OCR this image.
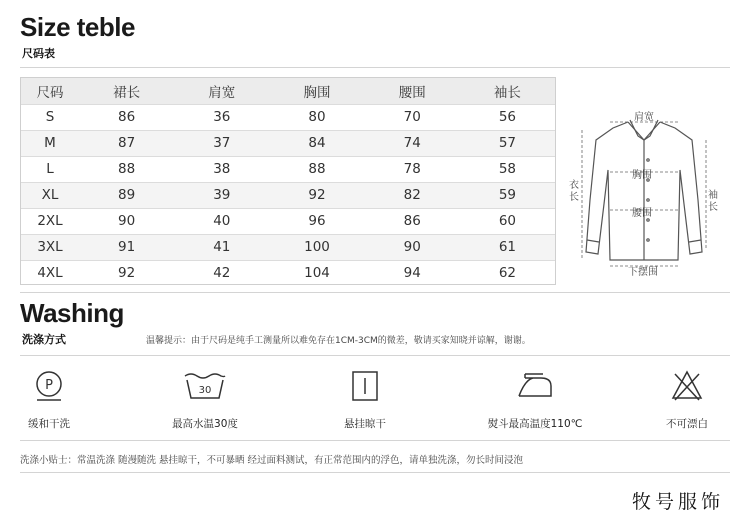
Size teble
尺码表
尺码	裙长	肩宽	胸围	腰围	袖长
S	86	36	80	70	56
M	87	37	84	74	57
L	88	38	88	78	58
XL	89	39	92	82	59
2XL	90	40	96	86	60
3XL	91	41	100	90	61
4XL	92	42	104	94	62
肩宽
胸围
腰围
下摆围
衣长	袖长
Washing
洗涤方式	温馨提示：由于尺码是纯手工测量所以难免存在1CM-3CM的微差，敬请买家知晓并谅解，谢谢。
P
缓和干洗
30
最高水温30度	悬挂晾干	熨斗最高温度110℃	不可漂白
洗涤小贴士：常温洗涤 随漫随洗 悬挂晾干，不可暴晒 经过面料测试，有正常范围内的浮色，请单独洗涤，勿长时间浸泡
牧号服饰
